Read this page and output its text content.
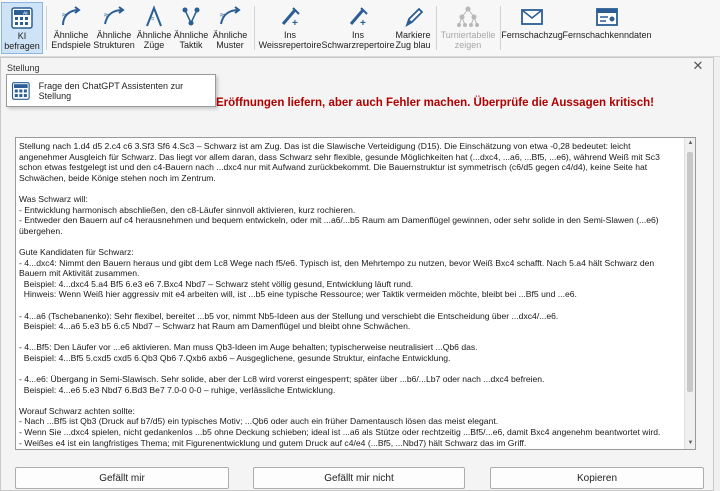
AI
KI
befragen
≈
Ähnliche
Endspiele
≈
Ähnliche
Strukturen
≈
Ähnliche
Züge
Ähnliche
Taktik
≈
Ähnliche
Muster
+
Ins
Weissrepertoire
+
Ins
Schwarzrepertoire
Markiere
Zug blau
Turniertabelle
zeigen
Fernschachzug Fernschachkenndaten
Stellung	✕
Eröffnungen liefern, aber auch Fehler machen. Überprüfe die Aussagen kritisch!

Stellung nach 1.d4 d5 2.c4 c6 3.Sf3 Sf6 4.Sc3 – Schwarz ist am Zug. Das ist die Slawische Verteidigung (D15). Die Einschätzung von etwa -0,28 bedeutet: leicht angenehmer Ausgleich für Schwarz. Das liegt vor allem daran, dass Schwarz sehr flexible, gesunde Möglichkeiten hat (...dxc4, ...a6, ...Bf5, ...e6), während Weiß mit Sc3 schon etwas festgelegt ist und den c4-Bauern nach ...dxc4 nur mit Aufwand zurückbekommt. Die Bauernstruktur ist symmetrisch (c6/d5 gegen c4/d4), keine Seite hat Schwächen, beide Könige stehen noch im Zentrum.

Was Schwarz will:

- Entwicklung harmonisch abschließen, den c8-Läufer sinnvoll aktivieren, kurz rochieren.

- Entweder den Bauern auf c4 herausnehmen und bequem entwickeln, oder mit ...a6/...b5 Raum am Damenflügel gewinnen, oder sehr solide in den Semi-Slawen (...e6) übergehen.

Gute Kandidaten für Schwarz:

- 4...dxc4: Nimmt den Bauern heraus und gibt dem Lc8 Wege nach f5/e6. Typisch ist, den Mehrtempo zu nutzen, bevor Weiß Bxc4 schafft. Nach 5.a4 hält Schwarz den Bauern mit Aktivität zusammen.

Beispiel: 4...dxc4 5.a4 Bf5 6.e3 e6 7.Bxc4 Nbd7 – Schwarz steht völlig gesund, Entwicklung läuft rund.

Hinweis: Wenn Weiß hier aggressiv mit e4 arbeiten will, ist ...b5 eine typische Ressource; wer Taktik vermeiden möchte, bleibt bei ...Bf5 und ...e6.

- 4...a6 (Tschebanenko): Sehr flexibel, bereitet ...b5 vor, nimmt Nb5-Ideen aus der Stellung und verschiebt die Entscheidung über ...dxc4/...e6.

Beispiel: 4...a6 5.e3 b5 6.c5 Nbd7 – Schwarz hat Raum am Damenflügel und bleibt ohne Schwächen.

- 4...Bf5: Den Läufer vor ...e6 aktivieren. Man muss Qb3-Ideen im Auge behalten; typischerweise neutralisiert ...Qb6 das.

Beispiel: 4...Bf5 5.cxd5 cxd5 6.Qb3 Qb6 7.Qxb6 axb6 – Ausgeglichene, gesunde Struktur, einfache Entwicklung.

- 4...e6: Übergang in Semi-Slawisch. Sehr solide, aber der Lc8 wird vorerst eingesperrt; später über ...b6/...Lb7 oder nach ...dxc4 befreien.

Beispiel: 4...e6 5.e3 Nbd7 6.Bd3 Be7 7.0-0 0-0 – ruhige, verlässliche Entwicklung.

Worauf Schwarz achten sollte:

- Nach ...Bf5 ist Qb3 (Druck auf b7/d5) ein typisches Motiv; ...Qb6 oder auch ein früher Damentausch lösen das meist elegant.

- Wenn Sie ...dxc4 spielen, nicht gedankenlos ...b5 ohne Deckung schieben; ideal ist ...a6 als Stütze oder rechtzeitig ...Bf5/...e6, damit Bxc4 angenehm beantwortet wird.

- Weißes e4 ist ein langfristiges Thema; mit Figurenentwicklung und gutem Druck auf c4/e4 (...Bf5, ...Nbd7) hält Schwarz das im Griff.

▲
▼
Gefällt mir	Gefällt mir nicht	Kopieren
Frage den ChatGPT Assistenten zur Stellung
